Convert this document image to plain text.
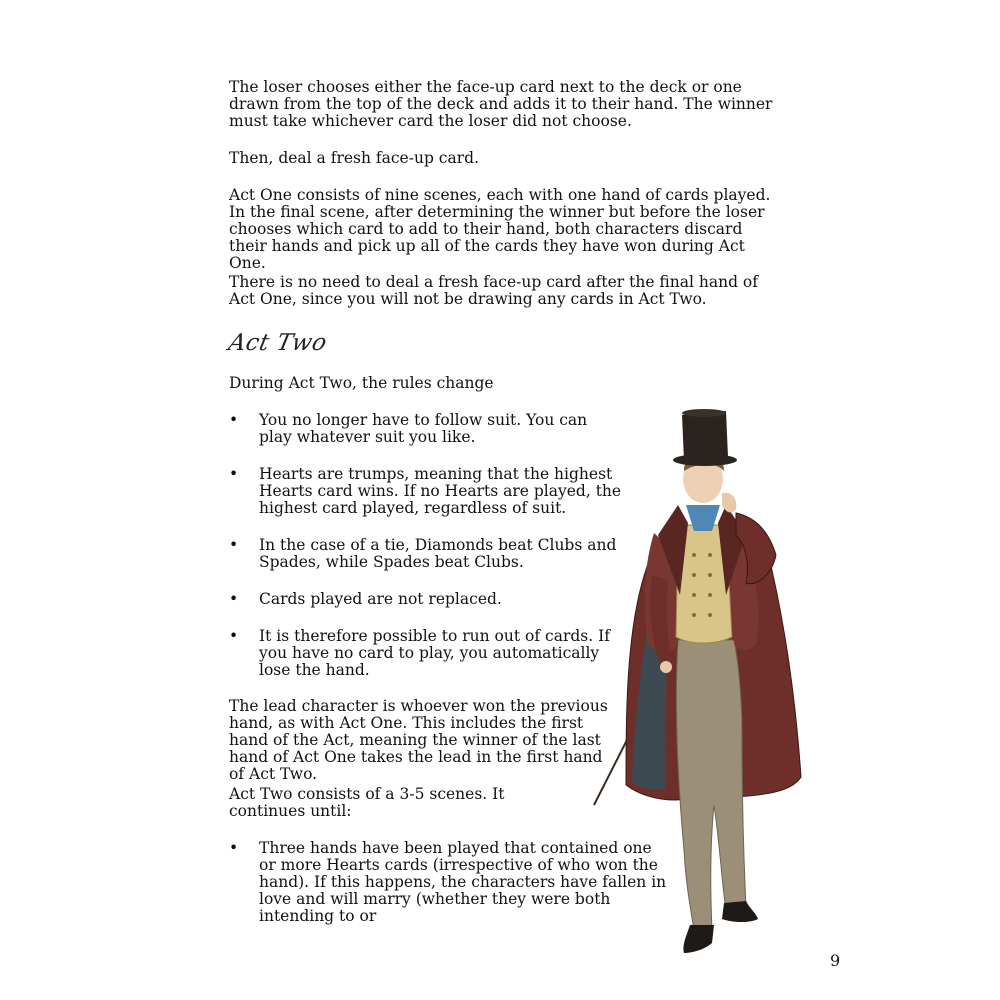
The loser chooses either the face-up card next to the deck or one drawn from the top of the deck and adds it to their hand. The winner must take whichever card the loser did not choose.

Then, deal a fresh face-up card.

Act One consists of nine scenes, each with one hand of cards played. In the final scene, after determining the winner but before the loser chooses which card to add to their hand, both characters discard their hands and pick up all of the cards they have won during Act One.

There is no need to deal a fresh face-up card after the final hand of Act One, since you will not be drawing any cards in Act Two.

Act Two

During Act Two, the rules change

• You no longer have to follow suit. You can play whatever suit you like.
• Hearts are trumps, meaning that the highest Hearts card wins. If no Hearts are played, the highest card played, regardless of suit.
• In the case of a tie, Diamonds beat Clubs and Spades, while Spades beat Clubs.
• Cards played are not replaced.
• It is therefore possible to run out of cards. If you have no card to play, you automatically lose the hand.

The lead character is whoever won the previous hand, as with Act One. This includes the first hand of the Act, meaning the winner of the last hand of Act One takes the lead in the first hand of Act Two.

Act Two consists of a 3-5 scenes. It continues until:

• Three hands have been played that contained one or more Hearts cards (irrespective of who won the hand). If this happens, the characters have fallen in love and will marry (whether they were both intending to or
9
